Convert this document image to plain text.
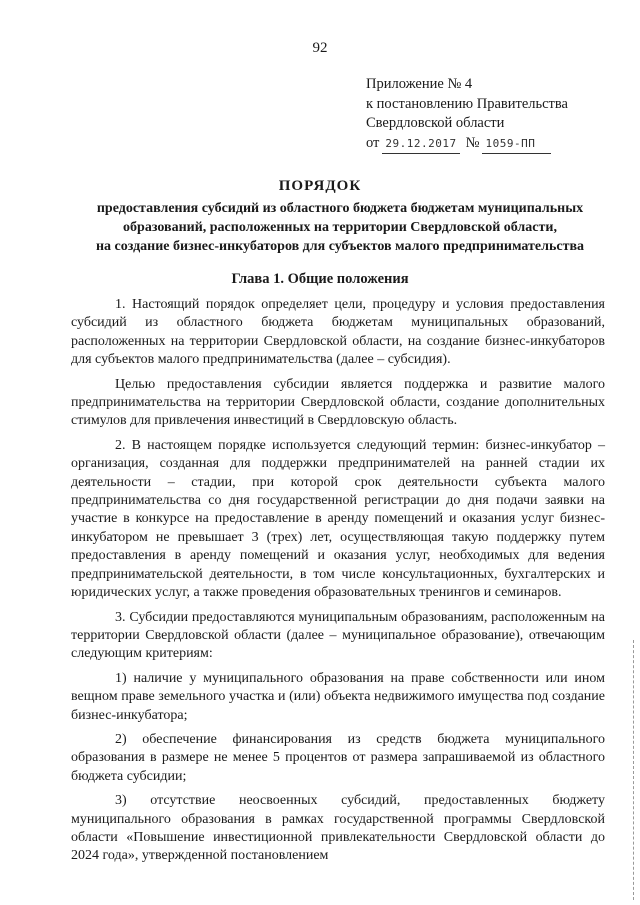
92
Приложение № 4
к постановлению Правительства
Свердловской области
от 29.12.2017 № 1059-ПП
ПОРЯДОК
предоставления субсидий из областного бюджета бюджетам муниципальных
образований, расположенных на территории Свердловской области,
на создание бизнес-инкубаторов для субъектов малого предпринимательства
Глава 1. Общие положения

1. Настоящий порядок определяет цели, процедуру и условия предоставления субсидий из областного бюджета бюджетам муниципальных образований, расположенных на территории Свердловской области, на создание бизнес-инкубаторов для субъектов малого предпринимательства (далее – субсидия).

Целью предоставления субсидии является поддержка и развитие малого предпринимательства на территории Свердловской области, создание дополнительных стимулов для привлечения инвестиций в Свердловскую область.

2. В настоящем порядке используется следующий термин: бизнес-инкубатор – организация, созданная для поддержки предпринимателей на ранней стадии их деятельности – стадии, при которой срок деятельности субъекта малого предпринимательства со дня государственной регистрации до дня подачи заявки на участие в конкурсе на предоставление в аренду помещений и оказания услуг бизнес-инкубатором не превышает 3 (трех) лет, осуществляющая такую поддержку путем предоставления в аренду помещений и оказания услуг, необходимых для ведения предпринимательской деятельности, в том числе консультационных, бухгалтерских и юридических услуг, а также проведения образовательных тренингов и семинаров.

3. Субсидии предоставляются муниципальным образованиям, расположенным на территории Свердловской области (далее – муниципальное образование), отвечающим следующим критериям:

1) наличие у муниципального образования на праве собственности или ином вещном праве земельного участка и (или) объекта недвижимого имущества под создание бизнес-инкубатора;

2) обеспечение финансирования из средств бюджета муниципального образования в размере не менее 5 процентов от размера запрашиваемой из областного бюджета субсидии;

3) отсутствие неосвоенных субсидий, предоставленных бюджету муниципального образования в рамках государственной программы Свердловской области «Повышение инвестиционной привлекательности Свердловской области до 2024 года», утвержденной постановлением
